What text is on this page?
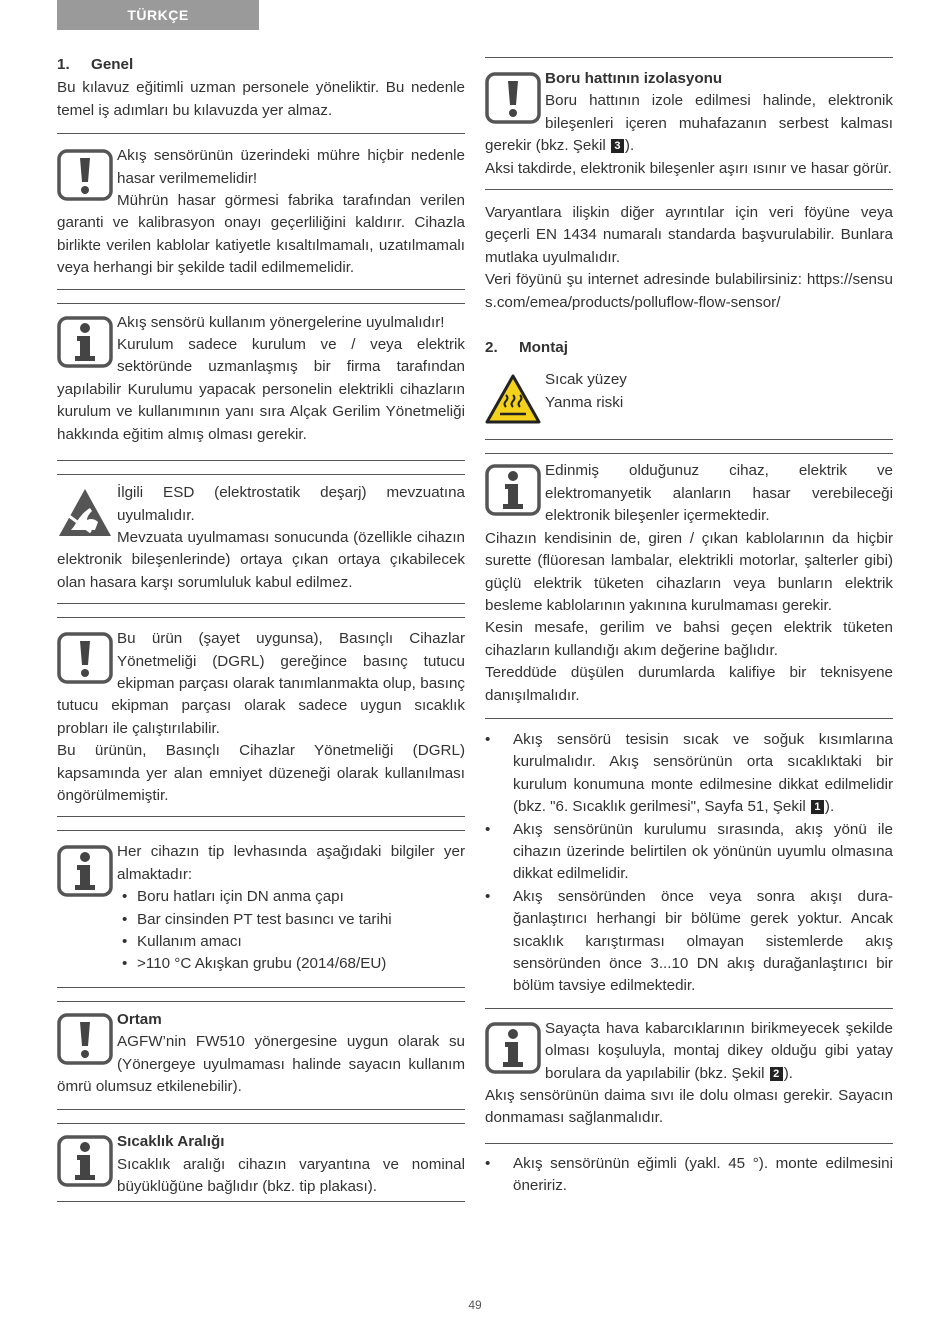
TÜRKÇE
1. Genel

Bu kılavuz eğitimli uzman personele yöneliktir. Bu nedenle temel iş adımları bu kılavuzda yer almaz.

Akış sensörünün üzerindeki mühre hiçbir nedenle hasar verilmemelidir!

Mührün hasar görmesi fabrika tarafından verilen garanti ve kalibrasyon onayı geçerliliğini kaldırır. Cihazla birlikte verilen kablolar katiyetle kısaltılmamalı, uzatılmamalı veya herhangi bir şekilde tadil edilmemelidir.

Akış sensörü kullanım yönergelerine uyulmalıdır!

Kurulum sadece kurulum ve / veya elektrik sektöründe uzmanlaşmış bir firma tarafından yapılabilir Kurulumu yapacak personelin elektrikli cihazların kurulum ve kullanımının yanı sıra Alçak Gerilim Yönetmeliği hakkında eğitim almış olması gerekir.

İlgili ESD (elektrostatik deşarj) mevzuatına uyulmalıdır.

Mevzuata uyulmaması sonucunda (özellikle cihazın elektronik bileşenlerinde) ortaya çıkan ortaya çıkabilecek olan hasara karşı sorumluluk kabul edilmez.

Bu ürün (şayet uygunsa), Basınçlı Cihazlar Yönetmeliği (DGRL) gereğince basınç tutucu ekipman parçası olarak tanımlanmakta olup, basınç tutucu ekipman parçası olarak sadece uygun sıcaklık probları ile çalıştırılabilir.

Bu ürünün, Basınçlı Cihazlar Yönetmeliği (DGRL) kapsamında yer alan emniyet düzeneği olarak kullanılması öngörülmemiştir.

Her cihazın tip levhasında aşağıdaki bilgiler yer almaktadır:

• Boru hatları için DN anma çapı
• Bar cinsinden PT test basıncı ve tarihi
• Kullanım amacı
• >110 °C Akışkan grubu (2014/68/EU)

Ortam

AGFW’nin FW510 yönergesine uygun olarak su (Yönergeye uyulmaması halinde sayacın kullanım ömrü olumsuz etkilenebilir).

Sıcaklık Aralığı

Sıcaklık aralığı cihazın varyantına ve nominal büyüklüğüne bağlıdır (bkz. tip plakası).

Boru hattının izolasyonu

Boru hattının izole edilmesi halinde, elektronik bileşenleri içeren muhafazanın serbest kalması gerekir (bkz. Şekil 3 ).

Aksi takdirde, elektronik bileşenler aşırı ısınır ve hasar görür.

Varyantlara ilişkin diğer ayrıntılar için veri föyüne veya geçerli EN 1434 numaralı standarda başvurulabilir. Bunlara mutlaka uyulmalıdır.

Veri föyünü şu internet adresinde bulabilirsiniz: https://sensus.com/emea/products/polluflow-flow-sensor/

2. Montaj

Sıcak yüzey

Yanma riski

Edinmiş olduğunuz cihaz, elektrik ve elektromanyetik alanların hasar verebileceği elektronik bileşenler içermektedir.

Cihazın kendisinin de, giren / çıkan kablolarının da hiçbir surette (flüoresan lambalar, elektrikli motorlar, şalterler gibi) güçlü elektrik tüketen cihazların veya bunların elektrik besleme kablolarının yakınına kurulmaması gerekir.

Kesin mesafe, gerilim ve bahsi geçen elektrik tüketen cihazların kullandığı akım değerine bağlıdır.

Tereddüde düşülen durumlarda kalifiye bir teknisyene danışılmalıdır.

• Akış sensörü tesisin sıcak ve soğuk kısımlarına kurulmalıdır. Akış sensörünün orta sıcaklıktaki bir kurulum konumuna monte edilmesine dikkat edilmelidir (bkz. "6. Sıcaklık gerilmesi", Sayfa 51, Şekil 1 ).
• Akış sensörünün kurulumu sırasında, akış yönü ile cihazın üzerinde belirtilen ok yönünün uyumlu olmasına dikkat edilmelidir.
• Akış sensöründen önce veya sonra akışı dura- ğanlaştırıcı herhangi bir bölüme gerek yoktur. Ancak sıcaklık karıştırması olmayan sistemlerde akış sensöründen önce 3...10 DN akış durağanlaştırıcı bir bölüm tavsiye edilmektedir.

Sayaçta hava kabarcıklarının birikmeyecek şekilde olması koşuluyla, montaj dikey olduğu gibi yatay borulara da yapılabilir (bkz. Şekil 2 ).

Akış sensörünün daima sıvı ile dolu olması gerekir. Sayacın donmaması sağlanmalıdır.

• Akış sensörünün eğimli (yakl. 45 °). monte edilmesini öneririz.
49
